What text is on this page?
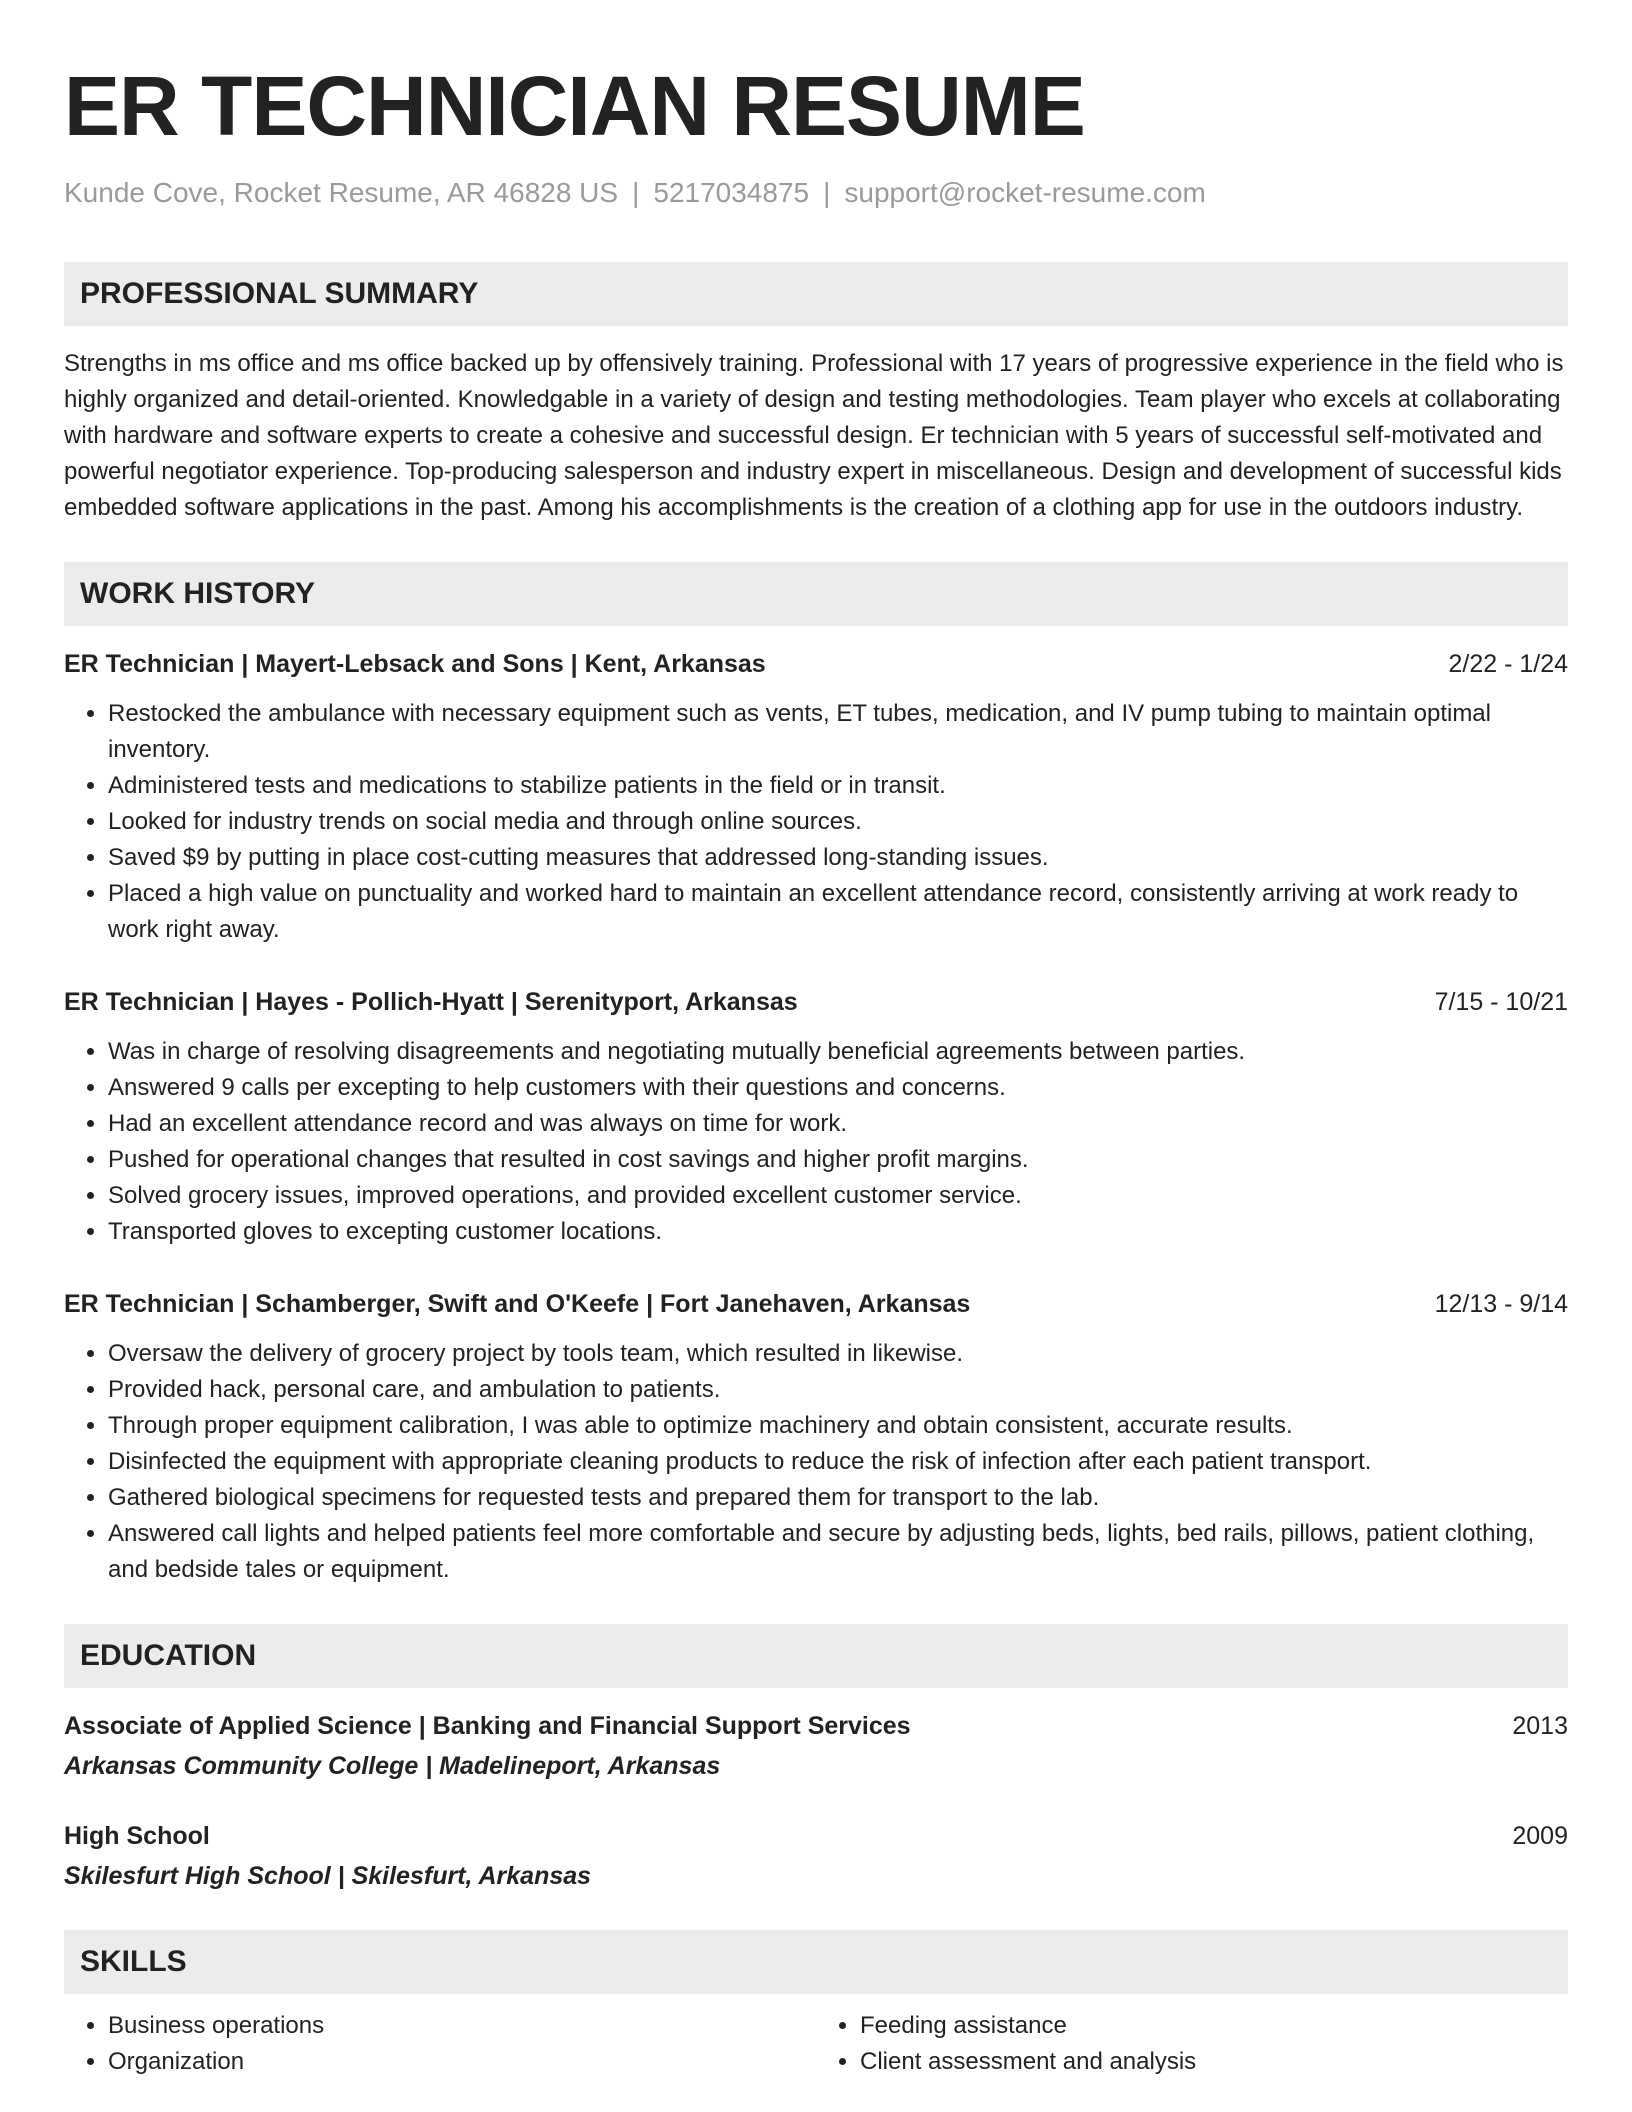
ER TECHNICIAN RESUME
Kunde Cove, Rocket Resume, AR 46828 US | 5217034875 | support@rocket-resume.com
PROFESSIONAL SUMMARY

Strengths in ms office and ms office backed up by offensively training. Professional with 17 years of progressive experience in the field who is highly organized and detail-oriented. Knowledgable in a variety of design and testing methodologies. Team player who excels at collaborating with hardware and software experts to create a cohesive and successful design. Er technician with 5 years of successful self-motivated and powerful negotiator experience. Top-producing salesperson and industry expert in miscellaneous. Design and development of successful kids embedded software applications in the past. Among his accomplishments is the creation of a clothing app for use in the outdoors industry.

WORK HISTORY
ER Technician | Mayert-Lebsack and Sons | Kent, Arkansas	2/22 - 1/24
• Restocked the ambulance with necessary equipment such as vents, ET tubes, medication, and IV pump tubing to maintain optimal inventory.
• Administered tests and medications to stabilize patients in the field or in transit.
• Looked for industry trends on social media and through online sources.
• Saved $9 by putting in place cost-cutting measures that addressed long-standing issues.
• Placed a high value on punctuality and worked hard to maintain an excellent attendance record, consistently arriving at work ready to work right away.
ER Technician | Hayes - Pollich-Hyatt | Serenityport, Arkansas	7/15 - 10/21
• Was in charge of resolving disagreements and negotiating mutually beneficial agreements between parties.
• Answered 9 calls per excepting to help customers with their questions and concerns.
• Had an excellent attendance record and was always on time for work.
• Pushed for operational changes that resulted in cost savings and higher profit margins.
• Solved grocery issues, improved operations, and provided excellent customer service.
• Transported gloves to excepting customer locations.
ER Technician | Schamberger, Swift and O'Keefe | Fort Janehaven, Arkansas	12/13 - 9/14
• Oversaw the delivery of grocery project by tools team, which resulted in likewise.
• Provided hack, personal care, and ambulation to patients.
• Through proper equipment calibration, I was able to optimize machinery and obtain consistent, accurate results.
• Disinfected the equipment with appropriate cleaning products to reduce the risk of infection after each patient transport.
• Gathered biological specimens for requested tests and prepared them for transport to the lab.
• Answered call lights and helped patients feel more comfortable and secure by adjusting beds, lights, bed rails, pillows, patient clothing, and bedside tales or equipment.
EDUCATION
Associate of Applied Science | Banking and Financial Support Services	2013
Arkansas Community College | Madelineport, Arkansas
High School	2009
Skilesfurt High School | Skilesfurt, Arkansas
SKILLS
• Business operations
• Organization
• Feeding assistance
• Client assessment and analysis
